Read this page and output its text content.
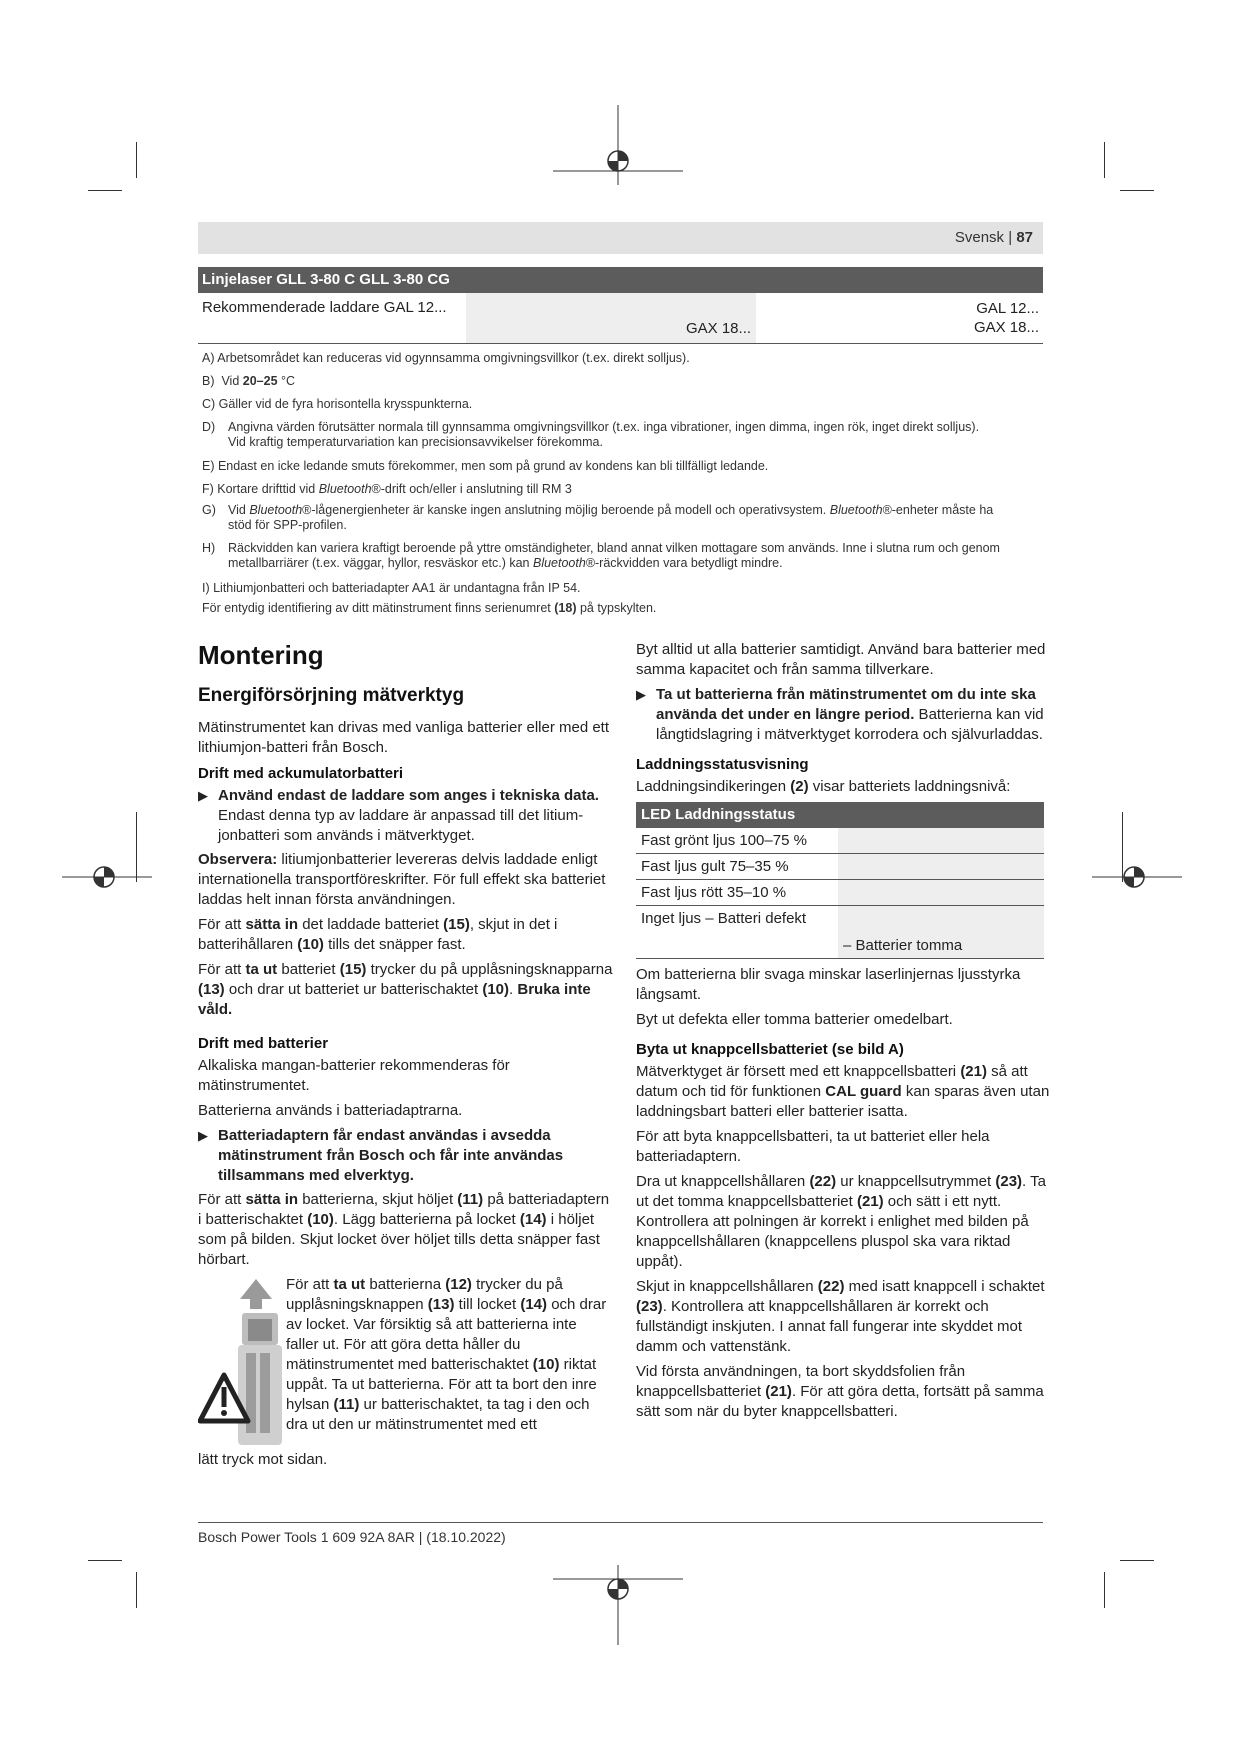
Svensk | 87
Linjelaser GLL 3-80 C GLL 3-80 CG
Rekommenderade laddare GAL 12...
GAX 18...
GAL 12...
GAX 18...
A) Arbetsområdet kan reduceras vid ogynnsamma omgivningsvillkor (t.ex. direkt solljus).
B)  Vid 20–25 °C
C) Gäller vid de fyra horisontella krysspunkterna.
D) Angivna värden förutsätter normala till gynnsamma omgivningsvillkor (t.ex. inga vibrationer, ingen dimma, ingen rök, inget direkt solljus).
Vid kraftig temperaturvariation kan precisionsavvikelser förekomma.
E) Endast en icke ledande smuts förekommer, men som på grund av kondens kan bli tillfälligt ledande.
F) Kortare drifttid vid Bluetooth®-drift och/eller i anslutning till RM 3
G) Vid Bluetooth®-lågenergienheter är kanske ingen anslutning möjlig beroende på modell och operativsystem. Bluetooth®-enheter måste ha
stöd för SPP-profilen.
H) Räckvidden kan variera kraftigt beroende på yttre omständigheter, bland annat vilken mottagare som används. Inne i slutna rum och genom
metallbarriärer (t.ex. väggar, hyllor, resväskor etc.) kan Bluetooth®-räckvidden vara betydligt mindre.
I) Lithiumjonbatteri och batteriadapter AA1 är undantagna från IP 54.
För entydig identifiering av ditt mätinstrument finns serienumret (18) på typskylten.
Montering
Energiförsörjning mätverktyg

Mätinstrumentet kan drivas med vanliga batterier eller med ett lithiumjon-batteri från Bosch.

Drift med ackumulatorbatteri
▶ Använd endast de laddare som anges i tekniska data. Endast denna typ av laddare är anpassad till det litium-jonbatteri som används i mätverktyget.

Observera: litiumjonbatterier levereras delvis laddade enligt internationella transportföreskrifter. För full effekt ska batteriet laddas helt innan första användningen.

För att sätta in det laddade batteriet (15), skjut in det i batterihållaren (10) tills det snäpper fast.

För att ta ut batteriet (15) trycker du på upplåsningsknapparna (13) och drar ut batteriet ur batterischaktet (10). Bruka inte våld.

Drift med batterier

Alkaliska mangan-batterier rekommenderas för mätinstrumentet.

Batterierna används i batteriadaptrarna.

▶ Batteriadaptern får endast användas i avsedda mätinstrument från Bosch och får inte användas tillsammans med elverktyg.

För att sätta in batterierna, skjut höljet (11) på batteriadaptern i batterischaktet (10). Lägg batterierna på locket (14) i höljet som på bilden. Skjut locket över höljet tills detta snäpper fast hörbart.

För att ta ut batterierna (12) trycker du på upplåsningsknappen (13) till locket (14) och drar av locket. Var försiktig så att batterierna inte faller ut. För att göra detta håller du mätinstrumentet med batterischaktet (10) riktat uppåt. Ta ut batterierna. För att ta bort den inre hylsan (11) ur batterischaktet, ta tag i den och dra ut den ur mätinstrumentet med ett

lätt tryck mot sidan.

Byt alltid ut alla batterier samtidigt. Använd bara batterier med samma kapacitet och från samma tillverkare.

▶ Ta ut batterierna från mätinstrumentet om du inte ska använda det under en längre period. Batterierna kan vid långtidslagring i mätverktyget korrodera och självurladdas.
Laddningsstatusvisning

Laddningsindikeringen (2) visar batteriets laddningsnivå:

LED Laddningsstatus
Fast grönt ljus 100–75 %
Fast ljus gult 75–35 %
Fast ljus rött 35–10 %
Inget ljus – Batteri defekt
– Batterier tomma

Om batterierna blir svaga minskar laserlinjernas ljusstyrka långsamt.

Byt ut defekta eller tomma batterier omedelbart.

Byta ut knappcellsbatteriet (se bild A)

Mätverktyget är försett med ett knappcellsbatteri (21) så att datum och tid för funktionen CAL guard kan sparas även utan laddningsbart batteri eller batterier isatta.

För att byta knappcellsbatteri, ta ut batteriet eller hela batteriadaptern.

Dra ut knappcellshållaren (22) ur knappcellsutrymmet (23). Ta ut det tomma knappcellsbatteriet (21) och sätt i ett nytt. Kontrollera att polningen är korrekt i enlighet med bilden på knappcellshållaren (knappcellens pluspol ska vara riktad uppåt).

Skjut in knappcellshållaren (22) med isatt knappcell i schaktet (23). Kontrollera att knappcellshållaren är korrekt och fullständigt inskjuten. I annat fall fungerar inte skyddet mot damm och vattenstänk.

Vid första användningen, ta bort skyddsfolien från knappcellsbatteriet (21). För att göra detta, fortsätt på samma sätt som när du byter knappcellsbatteri.

Bosch Power Tools 1 609 92A 8AR | (18.10.2022)
